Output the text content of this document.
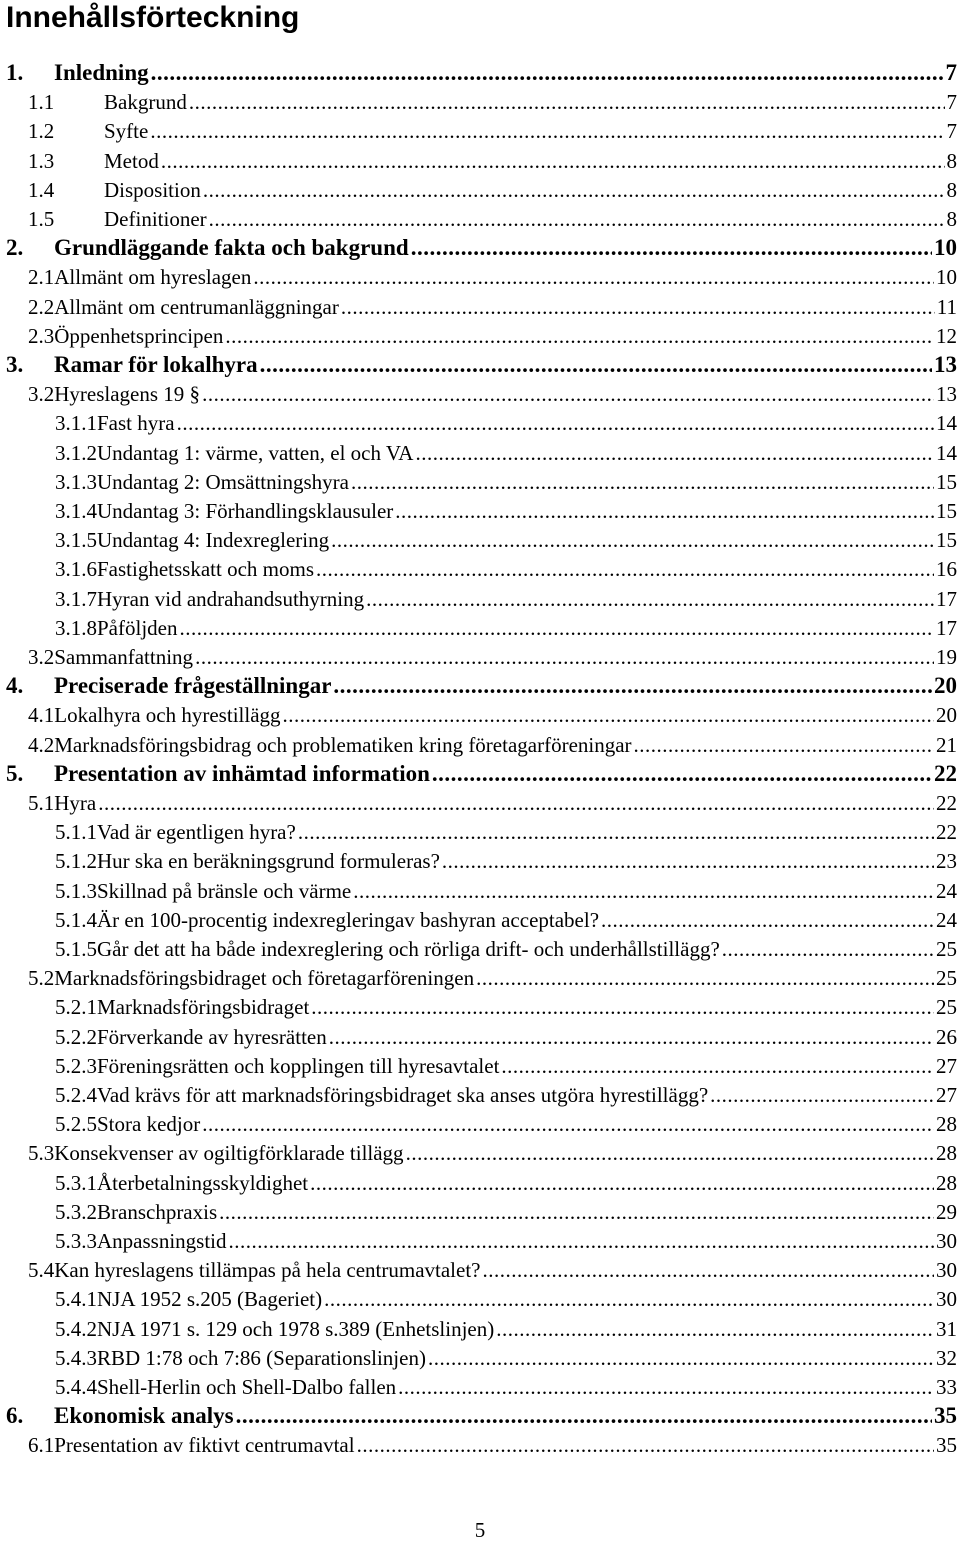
Innehållsförteckning
1.	Inledning .....	7
1.1	Bakgrund .....	7
1.2	Syfte .....	7
1.3	Metod .....	8
1.4	Disposition .....	8
1.5	Definitioner .....	8
2.	Grundläggande fakta och bakgrund .....	10
2.1 Allmänt om hyreslagen .....	10
2.2 Allmänt om centrumanläggningar .....	11
2.3 Öppenhetsprincipen .....	12
3.	Ramar för lokalhyra .....	13
3.2 Hyreslagens 19 § .....	13
3.1.1 Fast hyra .....	14
3.1.2 Undantag 1: värme, vatten, el och VA .....	14
3.1.3 Undantag 2: Omsättningshyra .....	15
3.1.4 Undantag 3: Förhandlingsklausuler .....	15
3.1.5 Undantag 4: Indexreglering .....	15
3.1.6 Fastighetsskatt och moms .....	16
3.1.7 Hyran vid andrahandsuthyrning .....	17
3.1.8 Påföljden .....	17
3.2 Sammanfattning .....	19
4.	Preciserade frågeställningar .....	20
4.1 Lokalhyra och hyrestillägg .....	20
4.2 Marknadsföringsbidrag och problematiken kring företagarföreningar .....	21
5.	Presentation av inhämtad information .....	22
5.1 Hyra .....	22
5.1.1 Vad är egentligen hyra? .....	22
5.1.2 Hur ska en beräkningsgrund formuleras? .....	23
5.1.3 Skillnad på bränsle och värme .....	24
5.1.4 Är en 100-procentig indexregleringav bashyran acceptabel? .....	24
5.1.5 Går det att ha både indexreglering och rörliga drift- och underhållstillägg? .....	25
5.2 Marknadsföringsbidraget och företagarföreningen .....	25
5.2.1 Marknadsföringsbidraget .....	25
5.2.2 Förverkande av hyresrätten .....	26
5.2.3 Föreningsrätten och kopplingen till hyresavtalet .....	27
5.2.4 Vad krävs för att marknadsföringsbidraget ska anses utgöra hyrestillägg? .....	27
5.2.5 Stora kedjor .....	28
5.3 Konsekvenser av ogiltigförklarade tillägg .....	28
5.3.1 Återbetalningsskyldighet .....	28
5.3.2 Branschpraxis .....	29
5.3.3 Anpassningstid .....	30
5.4 Kan hyreslagens tillämpas på hela centrumavtalet? .....	30
5.4.1 NJA 1952 s.205 (Bageriet) .....	30
5.4.2 NJA 1971 s. 129 och 1978 s.389 (Enhetslinjen) .....	31
5.4.3 RBD 1:78 och 7:86 (Separationslinjen) .....	32
5.4.4 Shell-Herlin och Shell-Dalbo fallen .....	33
6.	Ekonomisk analys .....	35
6.1 Presentation av fiktivt centrumavtal .....	35
5
